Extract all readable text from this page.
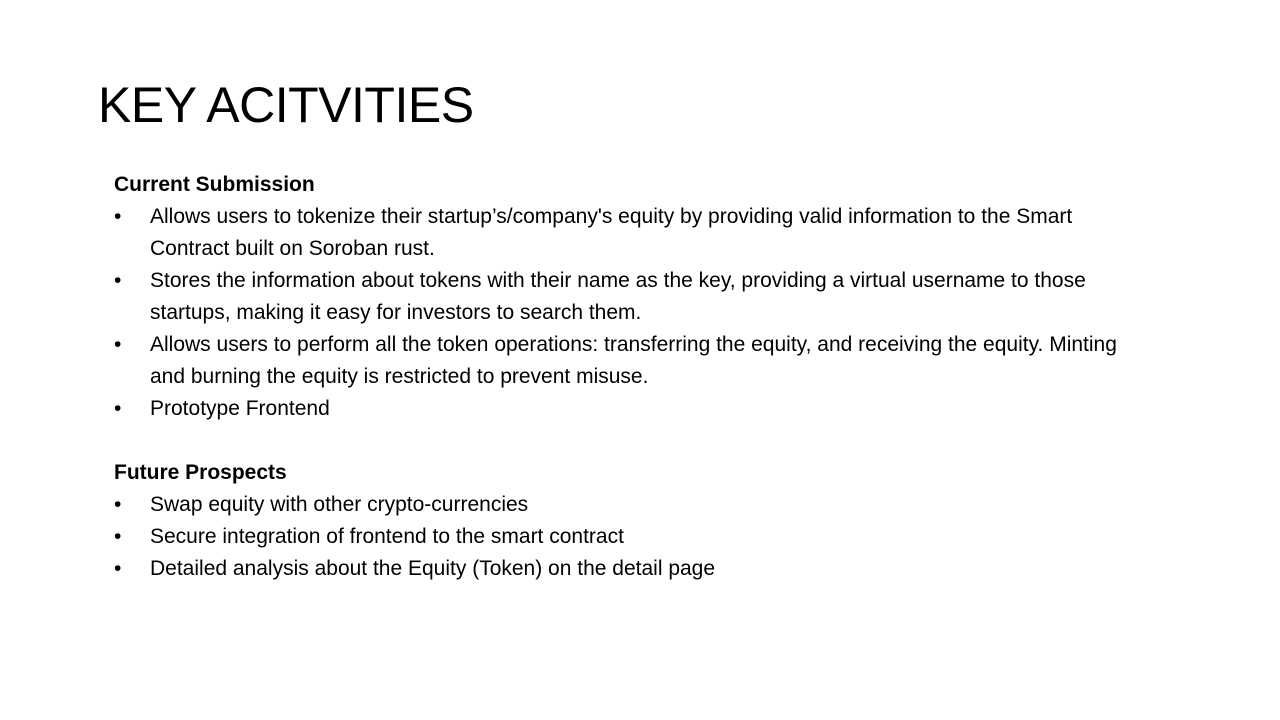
KEY ACITVITIES

Current Submission

•	Allows users to tokenize their startup’s/company's equity by providing valid information to the Smart Contract built on Soroban rust.
•	Stores the information about tokens with their name as the key, providing a virtual username to those startups, making it easy for investors to search them.
•	Allows users to perform all the token operations: transferring the equity, and receiving the equity. Minting and burning the equity is restricted to prevent misuse.
•	Prototype Frontend

Future Prospects

•	Swap equity with other crypto-currencies
•	Secure integration of frontend to the smart contract
•	Detailed analysis about the Equity (Token) on the detail page
